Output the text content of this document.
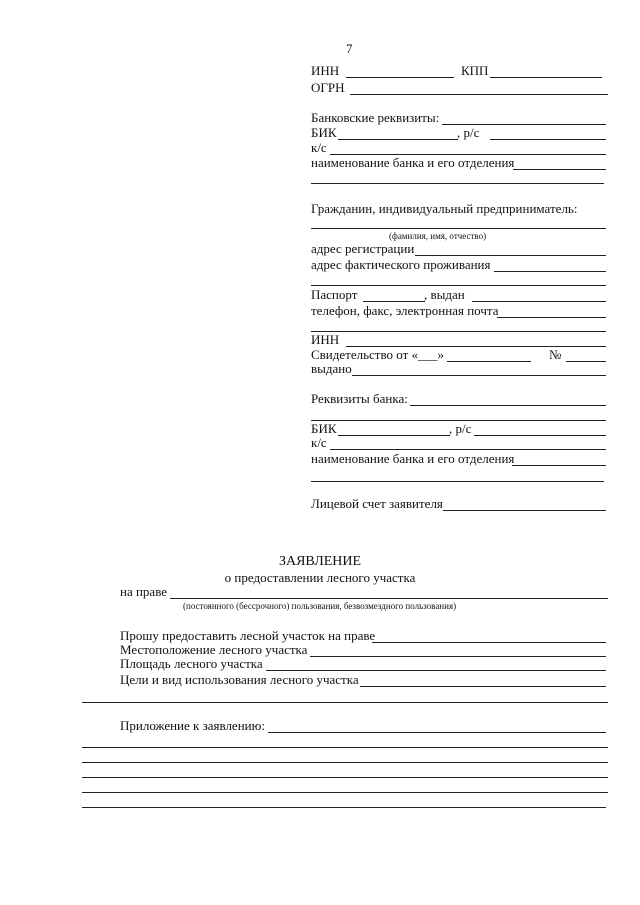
7
ИНН	КПП
ОГРН
Банковские реквизиты:
БИК	, р/с
к/с
наименование банка и его отделения
Гражданин, индивидуальный предприниматель:
(фамилия, имя, отчество)
адрес регистрации
адрес фактического проживания
Паспорт	, выдан
телефон, факс, электронная почта
ИНН
Свидетельство от «___»	№
выдано
Реквизиты банка:
БИК	, р/с
к/с
наименование банка и его отделения
Лицевой счет заявителя
ЗАЯВЛЕНИЕ
о предоставлении лесного участка
на праве
(постоянного (бессрочного) пользования, безвозмездного пользования)
Прошу предоставить лесной участок на праве
Местоположение лесного участка
Площадь лесного участка
Цели и вид использования лесного участка
Приложение к заявлению:
